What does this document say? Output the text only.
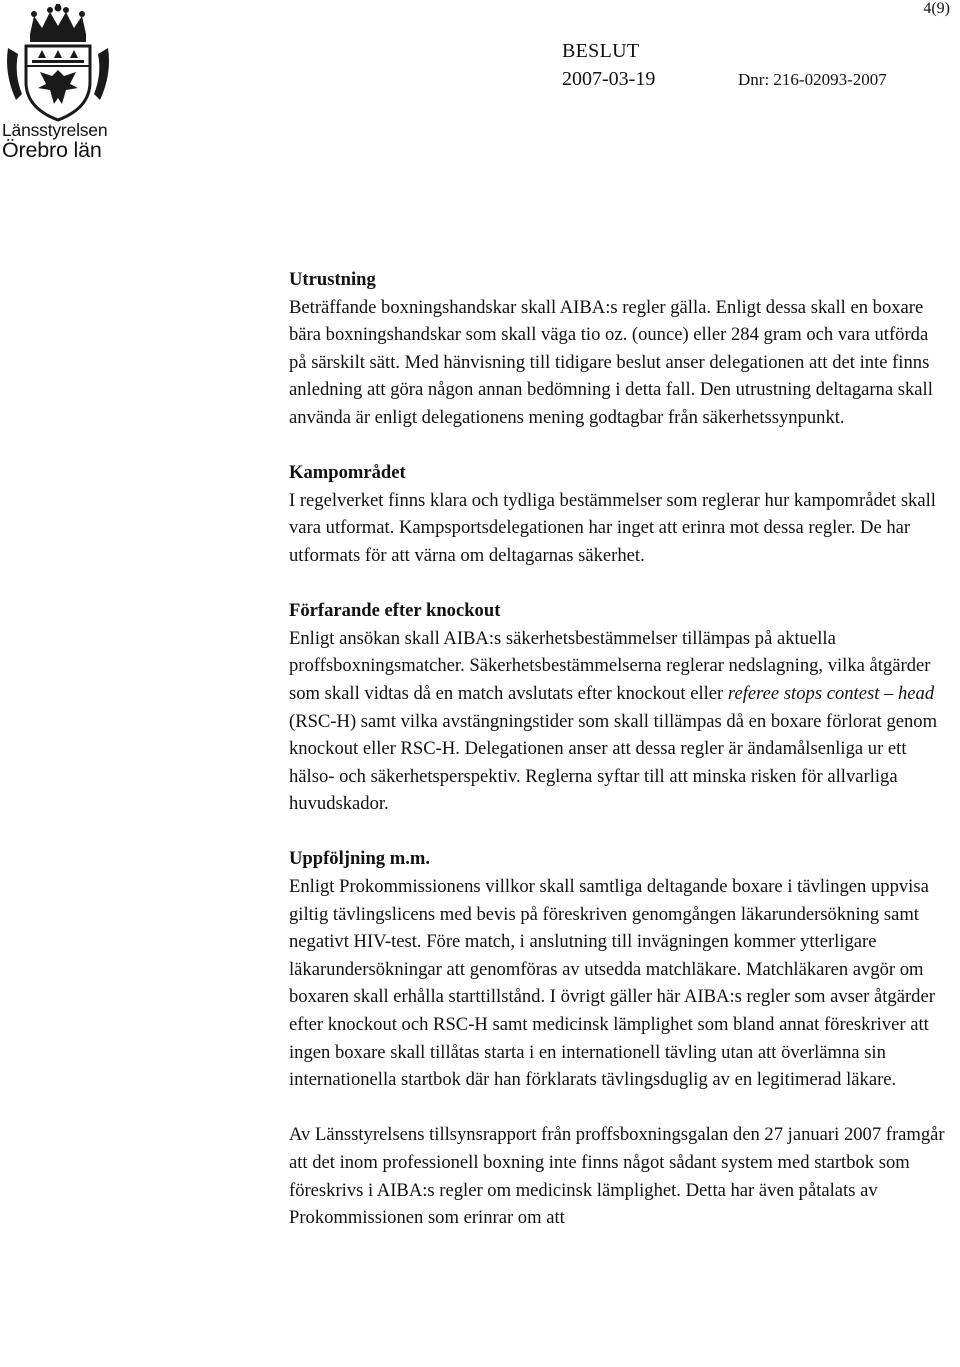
Länsstyrelsen
Örebro län
4(9)
BESLUT
2007-03-19	Dnr: 216-02093-2007
Utrustning

Beträffande boxningshandskar skall AIBA:s regler gälla. Enligt dessa skall en boxare bära boxningshandskar som skall väga tio oz. (ounce) eller 284 gram och vara utförda på särskilt sätt. Med hänvisning till tidigare beslut anser delegationen att det inte finns anledning att göra någon annan bedömning i detta fall. Den utrustning deltagarna skall använda är enligt delegationens mening godtagbar från säkerhetssynpunkt.

Kampområdet

I regelverket finns klara och tydliga bestämmelser som reglerar hur kampområdet skall vara utformat. Kampsportsdelegationen har inget att erinra mot dessa regler. De har utformats för att värna om deltagarnas säkerhet.

Förfarande efter knockout

Enligt ansökan skall AIBA:s säkerhetsbestämmelser tillämpas på aktuella proffsboxningsmatcher. Säkerhetsbestämmelserna reglerar nedslagning, vilka åtgärder som skall vidtas då en match avslutats efter knockout eller referee stops contest – head (RSC-H) samt vilka avstängningstider som skall tillämpas då en boxare förlorat genom knockout eller RSC-H. Delegationen anser att dessa regler är ändamålsenliga ur ett hälso- och säkerhetsperspektiv. Reglerna syftar till att minska risken för allvarliga huvudskador.

Uppföljning m.m.

Enligt Prokommissionens villkor skall samtliga deltagande boxare i tävlingen uppvisa giltig tävlingslicens med bevis på föreskriven genomgången läkarundersökning samt negativt HIV-test. Före match, i anslutning till invägningen kommer ytterligare läkarundersökningar att genomföras av utsedda matchläkare. Matchläkaren avgör om boxaren skall erhålla starttillstånd. I övrigt gäller här AIBA:s regler som avser åtgärder efter knockout och RSC-H samt medicinsk lämplighet som bland annat föreskriver att ingen boxare skall tillåtas starta i en internationell tävling utan att överlämna sin internationella startbok där han förklarats tävlingsduglig av en legitimerad läkare.

Av Länsstyrelsens tillsynsrapport från proffsboxningsgalan den 27 januari 2007 framgår att det inom professionell boxning inte finns något sådant system med startbok som föreskrivs i AIBA:s regler om medicinsk lämplighet. Detta har även påtalats av Prokommissionen som erinrar om att
